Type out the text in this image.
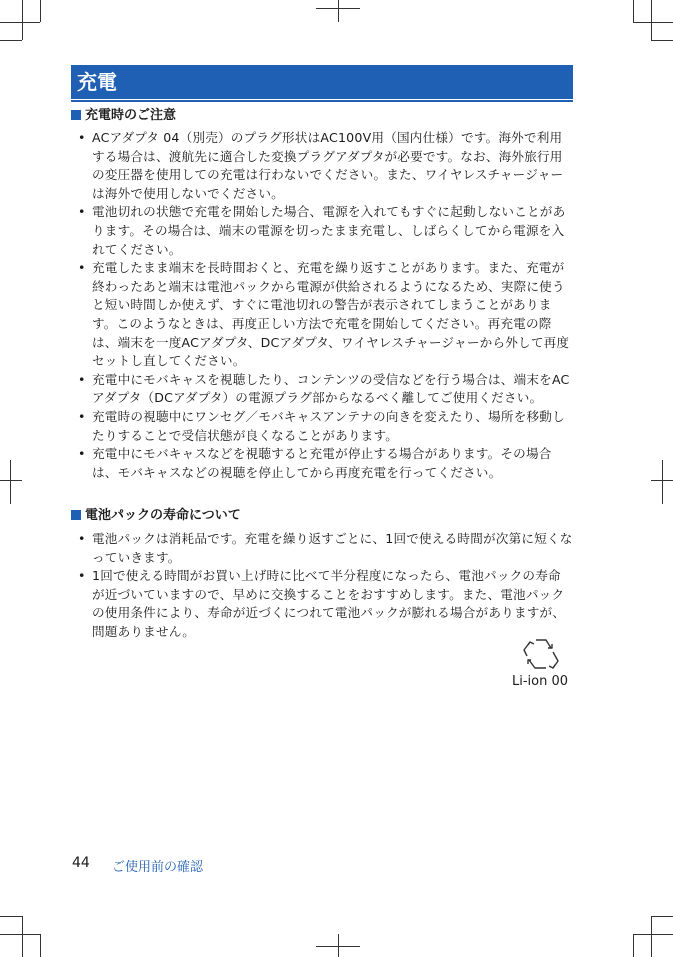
充電
充電時のご注意
• ACアダプタ 04（別売）のプラグ形状はAC100V用（国内仕様）です。海外で利用する場合は、渡航先に適合した変換プラグアダプタが必要です。なお、海外旅行用の変圧器を使用しての充電は行わないでください。また、ワイヤレスチャージャーは海外で使用しないでください。
• 電池切れの状態で充電を開始した場合、電源を入れてもすぐに起動しないことがあります。その場合は、端末の電源を切ったまま充電し、しばらくしてから電源を入れてください。
• 充電したまま端末を長時間おくと、充電を繰り返すことがあります。また、充電が終わったあと端末は電池パックから電源が供給されるようになるため、実際に使うと短い時間しか使えず、すぐに電池切れの警告が表示されてしまうことがあります。このようなときは、再度正しい方法で充電を開始してください。再充電の際は、端末を一度ACアダプタ、DCアダプタ、ワイヤレスチャージャーから外して再度セットし直してください。
• 充電中にモバキャスを視聴したり、コンテンツの受信などを行う場合は、端末をACアダプタ（DCアダプタ）の電源プラグ部からなるべく離してご使用ください。
• 充電時の視聴中にワンセグ／モバキャスアンテナの向きを変えたり、場所を移動したりすることで受信状態が良くなることがあります。
• 充電中にモバキャスなどを視聴すると充電が停止する場合があります。その場合は、モバキャスなどの視聴を停止してから再度充電を行ってください。
電池パックの寿命について
• 電池パックは消耗品です。充電を繰り返すごとに、1回で使える時間が次第に短くなっていきます。
• 1回で使える時間がお買い上げ時に比べて半分程度になったら、電池パックの寿命が近づいていますので、早めに交換することをおすすめします。また、電池パックの使用条件により、寿命が近づくにつれて電池パックが膨れる場合がありますが、問題ありません。
Li-ion 00
44 ご使用前の確認
